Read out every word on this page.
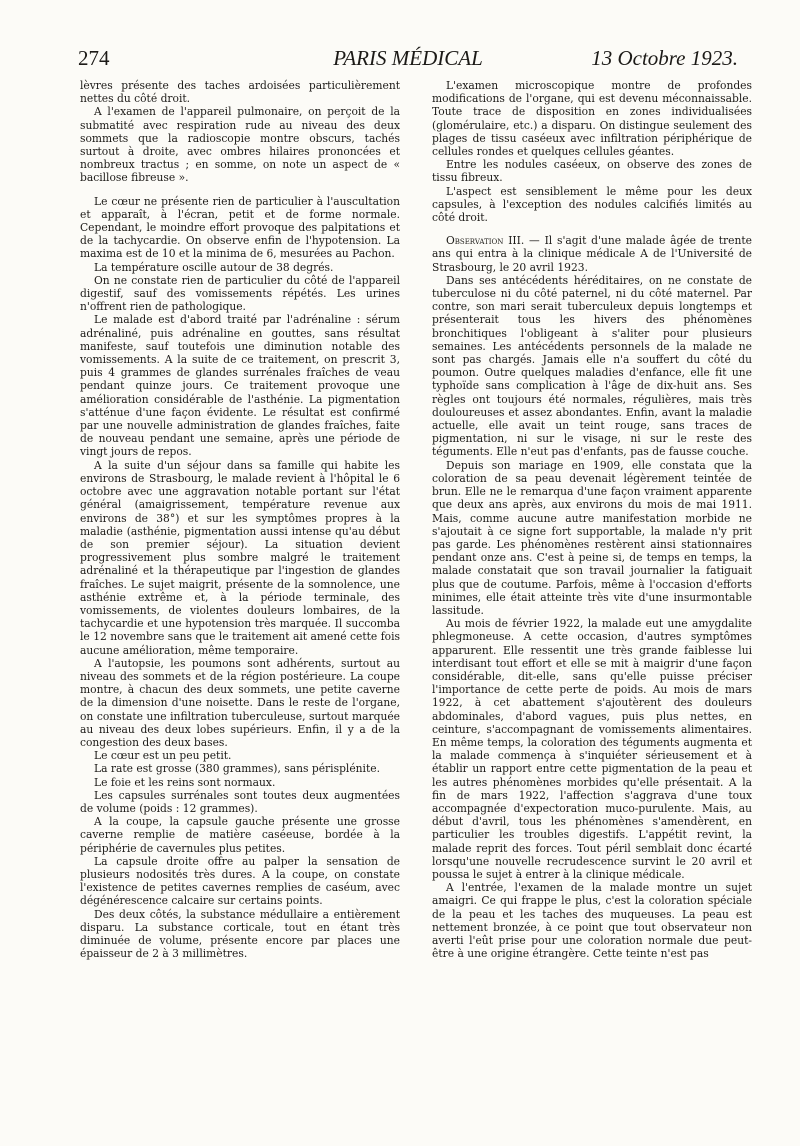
274	PARIS MÉDICAL	13 Octobre 1923.

lèvres présente des taches ardoisées particulièrement nettes du côté droit.

A l'examen de l'appareil pulmonaire, on perçoit de la submatité avec respiration rude au niveau des deux sommets que la radioscopie montre obscurs, tachés surtout à droite, avec ombres hilaires prononcées et nombreux tractus ; en somme, on note un aspect de « bacillose fibreuse ».

Le cœur ne présente rien de particulier à l'auscultation et apparaît, à l'écran, petit et de forme normale. Cependant, le moindre effort provoque des palpitations et de la tachycardie. On observe enfin de l'hypotension. La maxima est de 10 et la minima de 6, mesurées au Pachon.

La température oscille autour de 38 degrés.

On ne constate rien de particulier du côté de l'appareil digestif, sauf des vomissements répétés. Les urines n'offrent rien de pathologique.

Le malade est d'abord traité par l'adrénaline : sérum adrénaliné, puis adrénaline en gouttes, sans résultat manifeste, sauf toutefois une diminution notable des vomissements. A la suite de ce traitement, on prescrit 3, puis 4 grammes de glandes surrénales fraîches de veau pendant quinze jours. Ce traitement provoque une amélioration considérable de l'asthénie. La pigmentation s'atténue d'une façon évidente. Le résultat est confirmé par une nouvelle administration de glandes fraîches, faite de nouveau pendant une semaine, après une période de vingt jours de repos.

A la suite d'un séjour dans sa famille qui habite les environs de Strasbourg, le malade revient à l'hôpital le 6 octobre avec une aggravation notable portant sur l'état général (amaigrissement, température revenue aux environs de 38°) et sur les symptômes propres à la maladie (asthénie, pigmentation aussi intense qu'au début de son premier séjour). La situation devient progressivement plus sombre malgré le traitement adrénaliné et la thérapeutique par l'ingestion de glandes fraîches. Le sujet maigrit, présente de la somnolence, une asthénie extrême et, à la période terminale, des vomissements, de violentes douleurs lombaires, de la tachycardie et une hypotension très marquée. Il succomba le 12 novembre sans que le traitement ait amené cette fois aucune amélioration, même temporaire.

A l'autopsie, les poumons sont adhérents, surtout au niveau des sommets et de la région postérieure. La coupe montre, à chacun des deux sommets, une petite caverne de la dimension d'une noisette. Dans le reste de l'organe, on constate une infiltration tuberculeuse, surtout marquée au niveau des deux lobes supérieurs. Enfin, il y a de la congestion des deux bases.

Le cœur est un peu petit.

La rate est grosse (380 grammes), sans périsplénite.

Le foie et les reins sont normaux.

Les capsules surrénales sont toutes deux augmentées de volume (poids : 12 grammes).

A la coupe, la capsule gauche présente une grosse caverne remplie de matière caséeuse, bordée à la périphérie de cavernules plus petites.

La capsule droite offre au palper la sensation de plusieurs nodosités très dures. A la coupe, on constate l'existence de petites cavernes remplies de caséum, avec dégénérescence calcaire sur certains points.

Des deux côtés, la substance médullaire a entièrement disparu. La substance corticale, tout en étant très diminuée de volume, présente encore par places une épaisseur de 2 à 3 millimètres.

L'examen microscopique montre de profondes modifications de l'organe, qui est devenu méconnaissable. Toute trace de disposition en zones individualisées (glomérulaire, etc.) a disparu. On distingue seulement des plages de tissu caséeux avec infiltration périphérique de cellules rondes et quelques cellules géantes.

Entre les nodules caséeux, on observe des zones de tissu fibreux.

L'aspect est sensiblement le même pour les deux capsules, à l'exception des nodules calcifiés limités au côté droit.

Observation III. — Il s'agit d'une malade âgée de trente ans qui entra à la clinique médicale A de l'Université de Strasbourg, le 20 avril 1923.

Dans ses antécédents héréditaires, on ne constate de tuberculose ni du côté paternel, ni du côté maternel. Par contre, son mari serait tuberculeux depuis longtemps et présenterait tous les hivers des phénomènes bronchitiques l'obligeant à s'aliter pour plusieurs semaines. Les antécédents personnels de la malade ne sont pas chargés. Jamais elle n'a souffert du côté du poumon. Outre quelques maladies d'enfance, elle fit une typhoïde sans complication à l'âge de dix-huit ans. Ses règles ont toujours été normales, régulières, mais très douloureuses et assez abondantes. Enfin, avant la maladie actuelle, elle avait un teint rouge, sans traces de pigmentation, ni sur le visage, ni sur le reste des téguments. Elle n'eut pas d'enfants, pas de fausse couche.

Depuis son mariage en 1909, elle constata que la coloration de sa peau devenait légèrement teintée de brun. Elle ne le remarqua d'une façon vraiment apparente que deux ans après, aux environs du mois de mai 1911. Mais, comme aucune autre manifestation morbide ne s'ajoutait à ce signe fort supportable, la malade n'y prit pas garde. Les phénomènes restèrent ainsi stationnaires pendant onze ans. C'est à peine si, de temps en temps, la malade constatait que son travail journalier la fatiguait plus que de coutume. Parfois, même à l'occasion d'efforts minimes, elle était atteinte très vite d'une insurmontable lassitude.

Au mois de février 1922, la malade eut une amygdalite phlegmoneuse. A cette occasion, d'autres symptômes apparurent. Elle ressentit une très grande faiblesse lui interdisant tout effort et elle se mit à maigrir d'une façon considérable, dit-elle, sans qu'elle puisse préciser l'importance de cette perte de poids. Au mois de mars 1922, à cet abattement s'ajoutèrent des douleurs abdominales, d'abord vagues, puis plus nettes, en ceinture, s'accompagnant de vomissements alimentaires. En même temps, la coloration des téguments augmenta et la malade commença à s'inquiéter sérieusement et à établir un rapport entre cette pigmentation de la peau et les autres phénomènes morbides qu'elle présentait. A la fin de mars 1922, l'affection s'aggrava d'une toux accompagnée d'expectoration muco-purulente. Mais, au début d'avril, tous les phénomènes s'amendèrent, en particulier les troubles digestifs. L'appétit revint, la malade reprit des forces. Tout péril semblait donc écarté lorsqu'une nouvelle recrudescence survint le 20 avril et poussa le sujet à entrer à la clinique médicale.

A l'entrée, l'examen de la malade montre un sujet amaigri. Ce qui frappe le plus, c'est la coloration spéciale de la peau et les taches des muqueuses. La peau est nettement bronzée, à ce point que tout observateur non averti l'eût prise pour une coloration normale due peut-être à une origine étrangère. Cette teinte n'est pas
